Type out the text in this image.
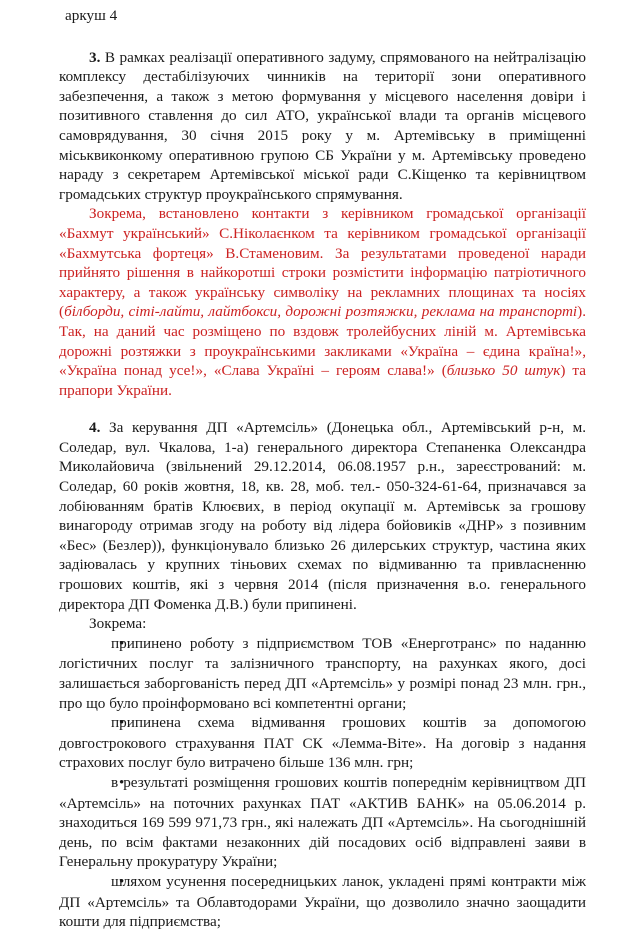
аркуш 4

3. В рамках реалізації оперативного задуму, спрямованого на нейтралізацію комплексу дестабілізуючих чинників на території зони оперативного забезпечення, а також з метою формування у місцевого населення довіри і позитивного ставлення до сил АТО, української влади та органів місцевого самоврядування, 30 січня 2015 року у м. Артемівську в приміщенні міськвиконкому оперативною групою СБ України у м. Артемівську проведено нараду з секретарем Артемівської міської ради С.Кіщенко та керівництвом громадських структур проукраїнського спрямування.

Зокрема, встановлено контакти з керівником громадської організації «Бахмут український» С.Ніколаєнком та керівником громадської організації «Бахмутська фортеця» В.Стаменовим. За результатами проведеної наради прийнято рішення в найкоротші строки розмістити інформацію патріотичного характеру, а також українську символіку на рекламних площинах та носіях (білборди, сіті-лайти, лайтбокси, дорожні розтяжки, реклама на транспорті). Так, на даний час розміщено по вздовж тролейбусних ліній м. Артемівська дорожні розтяжки з проукраїнськими закликами «Україна – єдина країна!», «Україна понад усе!», «Слава Україні – героям слава!» (близько 50 штук) та прапори України.

4. За керування ДП «Артемсіль» (Донецька обл., Артемівський р-н, м. Соледар, вул. Чкалова, 1-а) генерального директора Степаненка Олександра Миколайовича (звільнений 29.12.2014, 06.08.1957 р.н., зареєстрований: м. Соледар, 60 років жовтня, 18, кв. 28, моб. тел.- 050-324-61-64, призначався за лобіюванням братів Клюєвих, в період окупації м. Артемівськ за грошову винагороду отримав згоду на роботу від лідера бойовиків «ДНР» з позивним «Бес» (Безлер)), функціонувало близько 26 дилерських структур, частина яких задіювалась у крупних тіньових схемах по відмиванню та привласненню грошових коштів, які з червня 2014 (після призначення в.о. генерального директора ДП Фоменка Д.В.) були припинені.

Зокрема:

• припинено роботу з підприємством ТОВ «Енерготранс» по наданню логістичних послуг та залізничного транспорту, на рахунках якого, досі залишається заборгованість перед ДП «Артемсіль» у розмірі понад 23 млн. грн., про що було проінформовано всі компетентні органи;

• припинена схема відмивання грошових коштів за допомогою довгострокового страхування ПАТ СК «Лемма-Віте». На договір з надання страхових послуг було витрачено більше 136 млн. грн;

• в результаті розміщення грошових коштів попереднім керівництвом ДП «Артемсіль» на поточних рахунках ПАТ «АКТИВ БАНК» на 05.06.2014 р. знаходиться 169 599 971,73 грн., які належать ДП «Артемсіль». На сьогоднішній день, по всім фактами незаконних дій посадових осіб відправлені заяви в Генеральну прокуратуру України;

• шляхом усунення посередницьких ланок, укладені прямі контракти між ДП «Артемсіль» та Облавтодорами України, що дозволило значно заощадити кошти для підприємства;
